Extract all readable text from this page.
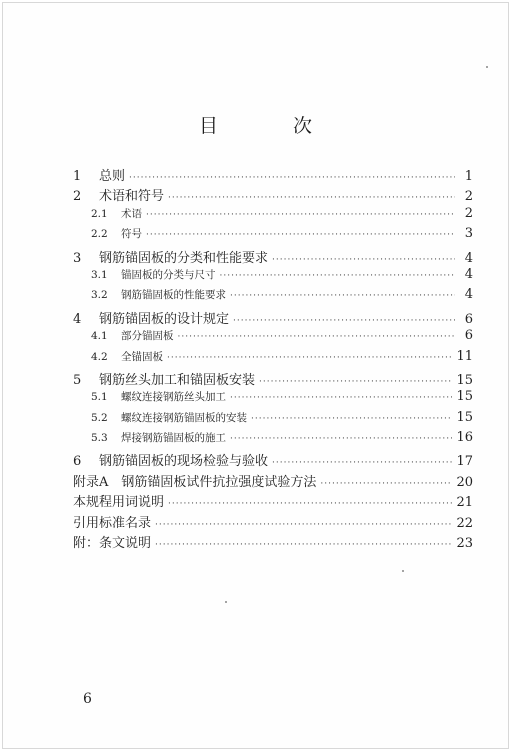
目　次
1	总则 ·····	1
2	术语和符号 ·····	2
2.1	术语 ·····	2
2.2	符号 ·····	3
3	钢筋锚固板的分类和性能要求 ·····	4
3.1	锚固板的分类与尺寸 ·····	4
3.2	钢筋锚固板的性能要求 ·····	4
4	钢筋锚固板的设计规定 ·····	6
4.1	部分锚固板 ·····	6
4.2	全锚固板 ·····	11
5	钢筋丝头加工和锚固板安装 ·····	15
5.1	螺纹连接钢筋丝头加工 ·····	15
5.2	螺纹连接钢筋锚固板的安装 ·····	15
5.3	焊接钢筋锚固板的施工 ·····	16
6	钢筋锚固板的现场检验与验收 ·····	17
附录A　钢筋锚固板试件抗拉强度试验方法 ·····	20
本规程用词说明 ·····	21
引用标准名录 ·····	22
附：条文说明 ·····	23
6
